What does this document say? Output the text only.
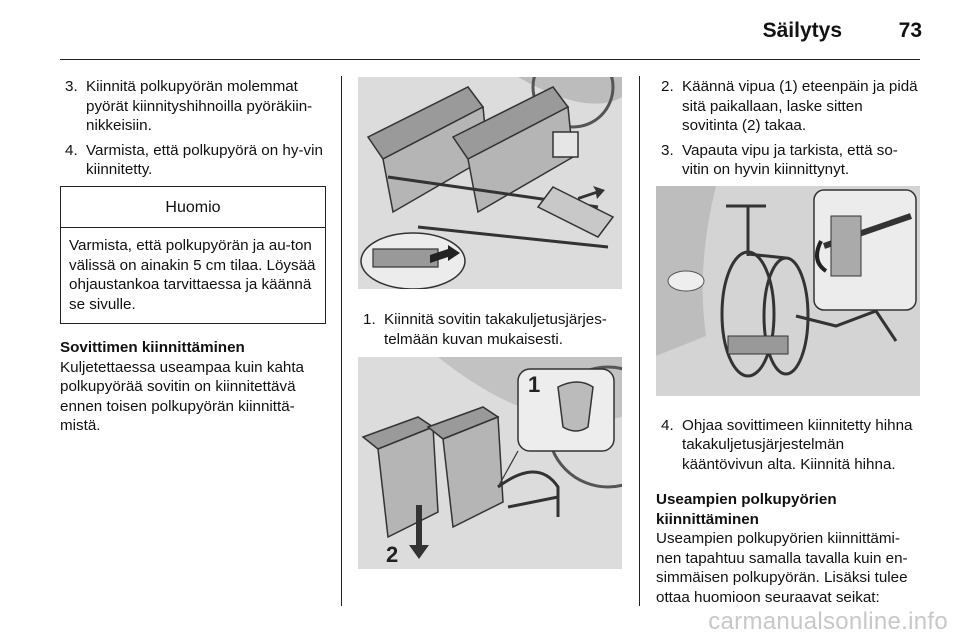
Säilytys	73
3. Kiinnitä polkupyörän molemmat pyörät kiinnityshihnoilla pyöräkiin-nikkeisiin.
4. Varmista, että polkupyörä on hy-vin kiinnitetty.
Huomio
Varmista, että polkupyörän ja au-ton välissä on ainakin 5 cm tilaa. Löysää ohjaustankoa tarvittaessa ja käännä se sivulle.
Sovittimen kiinnittäminen
Kuljetettaessa useampaa kuin kahta polkupyörää sovitin on kiinnitettävä ennen toisen polkupyörän kiinnittä-mistä.
1. Kiinnitä sovitin takakuljetusjärjes-telmään kuvan mukaisesti.
1
2
2. Käännä vipua (1) eteenpäin ja pidä sitä paikallaan, laske sitten sovitinta (2) takaa.
3. Vapauta vipu ja tarkista, että so-vitin on hyvin kiinnittynyt.
4. Ohjaa sovittimeen kiinnitetty hihna takakuljetusjärjestelmän kääntövivun alta. Kiinnitä hihna.
Useampien polkupyörien kiinnittäminen
Useampien polkupyörien kiinnittämi-nen tapahtuu samalla tavalla kuin en-simmäisen polkupyörän. Lisäksi tulee ottaa huomioon seuraavat seikat:
carmanualsonline.info
